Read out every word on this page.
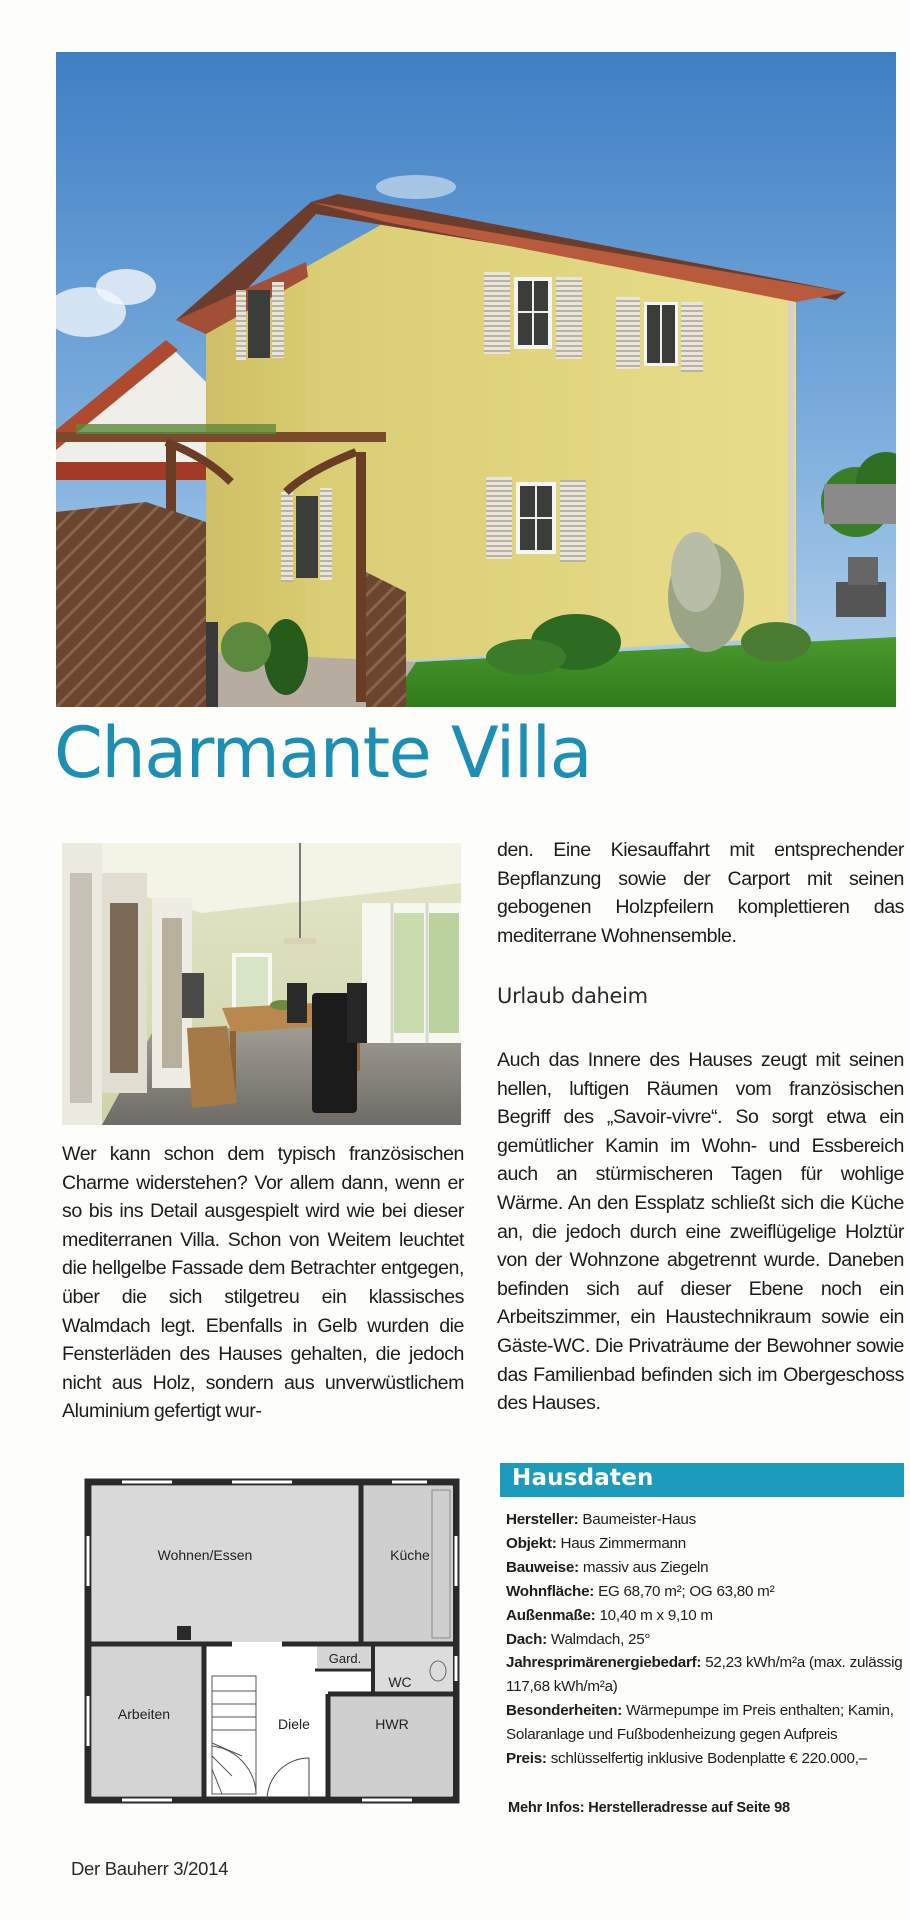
Charmante Villa

Wer kann schon dem typisch französischen Charme widerstehen? Vor allem dann, wenn er so bis ins Detail ausgespielt wird wie bei dieser mediterranen Villa. Schon von Weitem leuchtet die hellgelbe Fassade dem Betrachter entgegen, über die sich stilgetreu ein klassisches Walmdach legt. Ebenfalls in Gelb wurden die Fensterläden des Hauses gehalten, die jedoch nicht aus Holz, sondern aus unverwüstlichem Aluminium gefertigt wur-

den. Eine Kiesauffahrt mit entsprechender Bepflanzung sowie der Carport mit seinen gebogenen Holzpfeilern komplettieren das mediterrane Wohnensemble.

Urlaub daheim

Auch das Innere des Hauses zeugt mit seinen hellen, luftigen Räumen vom französischen Begriff des „Savoir-vivre“. So sorgt etwa ein gemütlicher Kamin im Wohn- und Essbereich auch an stürmischeren Tagen für wohlige Wärme. An den Essplatz schließt sich die Küche an, die jedoch durch eine zweiflügelige Holztür von der Wohnzone abgetrennt wurde. Daneben befinden sich auf dieser Ebene noch ein Arbeitszimmer, ein Haustechnikraum sowie ein Gäste-WC. Die Privaträume der Bewohner sowie das Familienbad befinden sich im Obergeschoss des Hauses.

Wohnen/Essen	Küche
Gard.
WC
Arbeiten
Diele	HWR
Hausdaten
Hersteller: Baumeister-Haus
Objekt: Haus Zimmermann
Bauweise: massiv aus Ziegeln
Wohnfläche: EG 68,70 m²; OG 63,80 m²
Außenmaße: 10,40 m x 9,10 m
Dach: Walmdach, 25°
Jahresprimärenergiebedarf: 52,23 kWh/m²a (max. zulässig 117,68 kWh/m²a)
Besonderheiten: Wärmepumpe im Preis enthalten; Kamin, Solaranlage und Fußbodenheizung gegen Aufpreis
Preis: schlüsselfertig inklusive Bodenplatte € 220.000,–
Mehr Infos: Herstelleradresse auf Seite 98
Der Bauherr 3/2014
